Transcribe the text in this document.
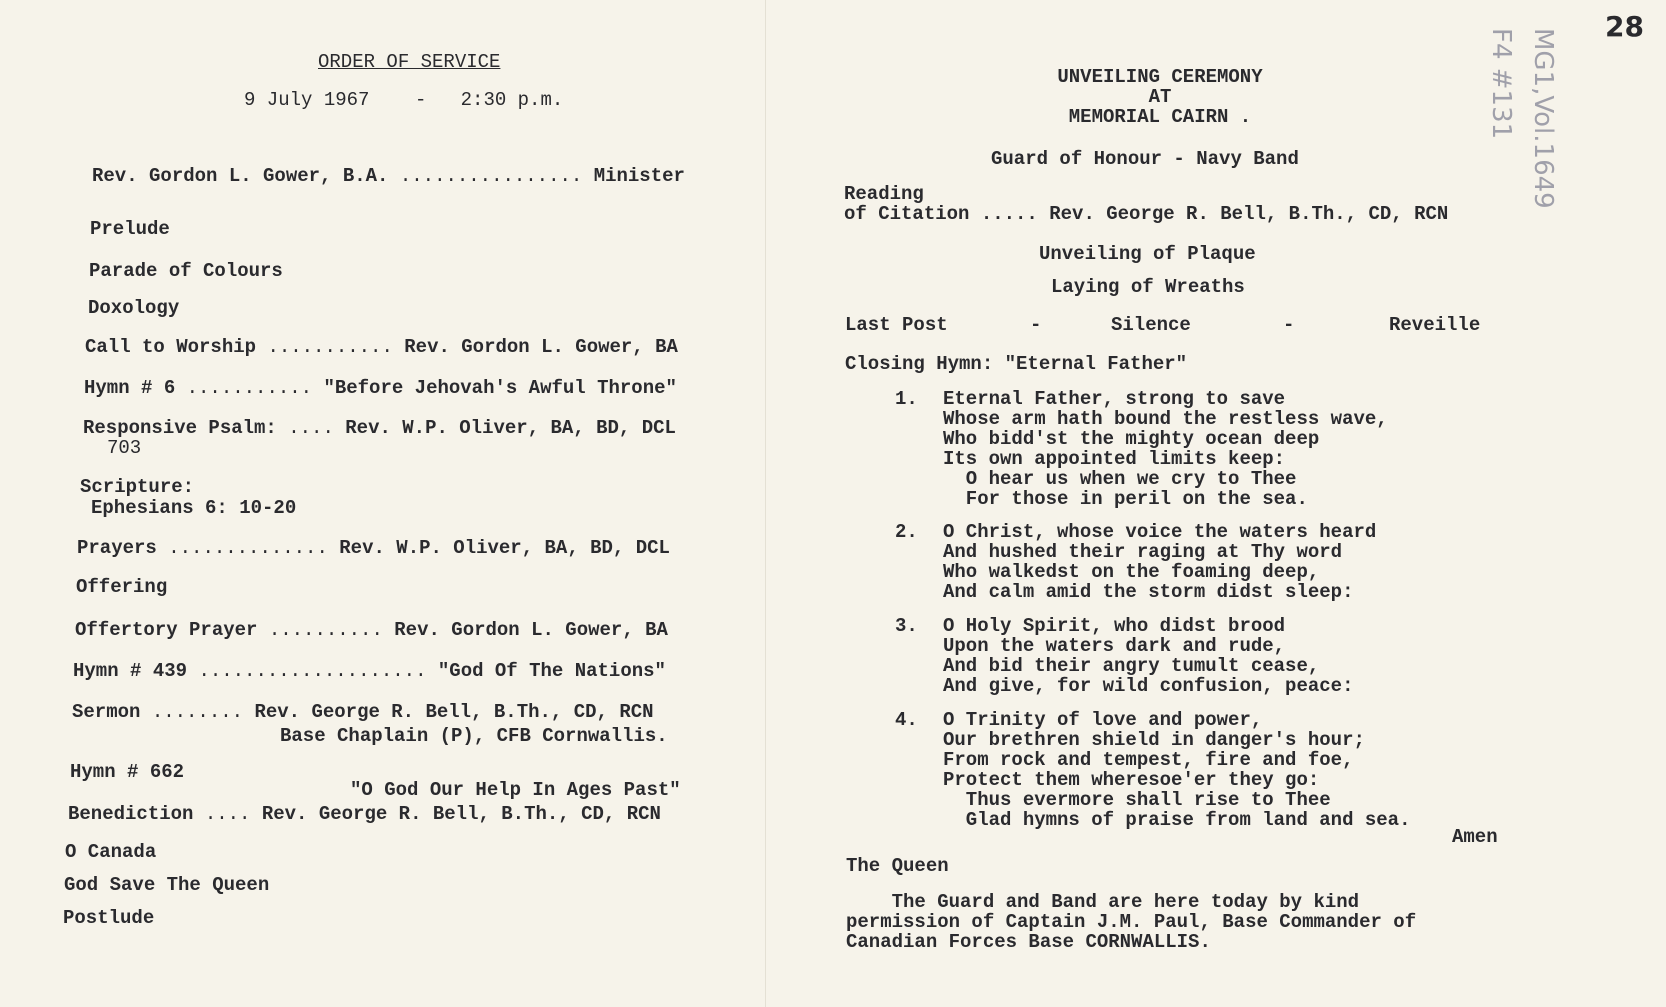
ORDER OF SERVICE
9 July 1967    -   2:30 p.m.
Rev. Gordon L. Gower, B.A. ................ Minister
Prelude
Parade of Colours
Doxology
Call to Worship ........... Rev. Gordon L. Gower, BA
Hymn # 6 ........... "Before Jehovah's Awful Throne"
Responsive Psalm: .... Rev. W.P. Oliver, BA, BD, DCL
703
Scripture:
Ephesians 6: 10-20
Prayers .............. Rev. W.P. Oliver, BA, BD, DCL
Offering
Offertory Prayer .......... Rev. Gordon L. Gower, BA
Hymn # 439 .................... "God Of The Nations"
Sermon ........ Rev. George R. Bell, B.Th., CD, RCN
Base Chaplain (P), CFB Cornwallis.
Hymn # 662
"O God Our Help In Ages Past"
Benediction .... Rev. George R. Bell, B.Th., CD, RCN
O Canada
God Save The Queen
Postlude
UNVEILING CEREMONY
AT
MEMORIAL CAIRN .
Guard of Honour - Navy Band
Reading
of Citation ..... Rev. George R. Bell, B.Th., CD, RCN
Unveiling of Plaque
Laying of Wreaths
Last Post	-	Silence	-	Reveille
Closing Hymn: "Eternal Father"
1. Eternal Father, strong to save
Whose arm hath bound the restless wave,
Who bidd'st the mighty ocean deep
Its own appointed limits keep:
O hear us when we cry to Thee
For those in peril on the sea.
2. O Christ, whose voice the waters heard
And hushed their raging at Thy word
Who walkedst on the foaming deep,
And calm amid the storm didst sleep:
3. O Holy Spirit, who didst brood
Upon the waters dark and rude,
And bid their angry tumult cease,
And give, for wild confusion, peace:
4. O Trinity of love and power,
Our brethren shield in danger's hour;
From rock and tempest, fire and foe,
Protect them wheresoe'er they go:
Thus evermore shall rise to Thee
Glad hymns of praise from land and sea.
Amen
The Queen
The Guard and Band are here today by kind
permission of Captain J.M. Paul, Base Commander of
Canadian Forces Base CORNWALLIS.
MG1,Vol.1649
F4 #131
28
